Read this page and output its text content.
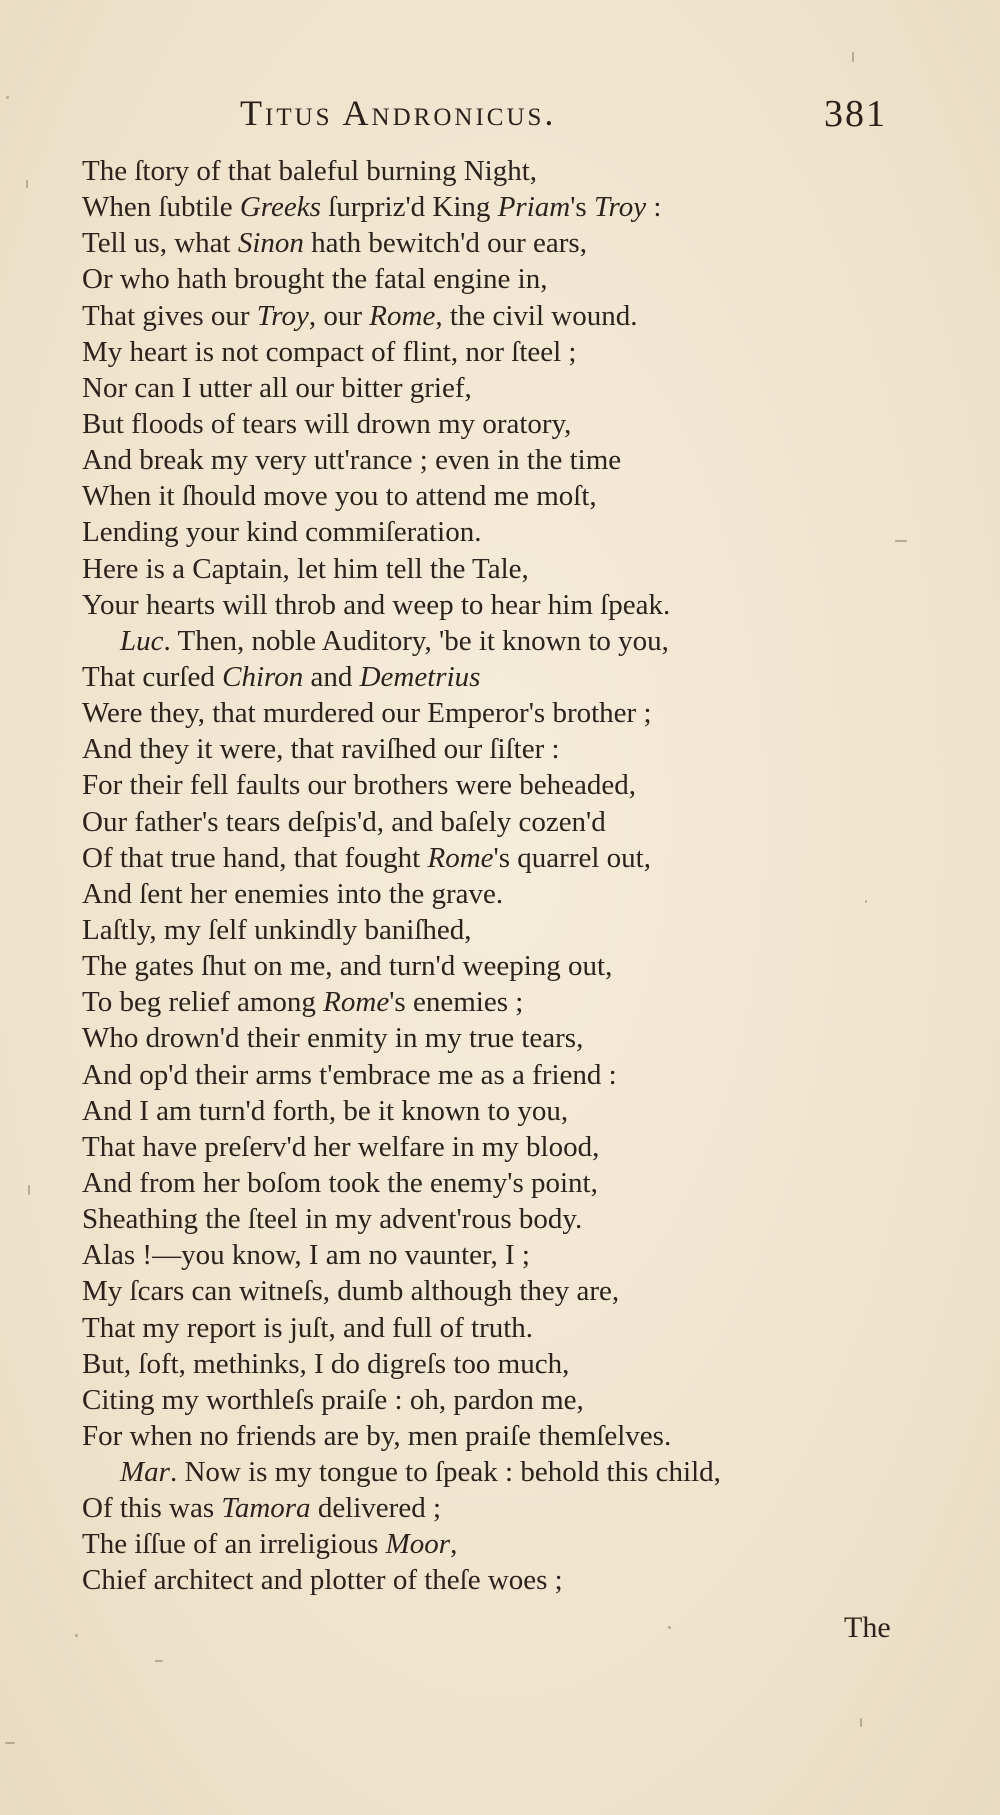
Titus Andronicus.	381
The ſtory of that baleful burning Night,
When ſubtile Greeks ſurpriz'd King Priam's Troy :
Tell us, what Sinon hath bewitch'd our ears,
Or who hath brought the fatal engine in,
That gives our Troy, our Rome, the civil wound.
My heart is not compact of flint, nor ſteel ;
Nor can I utter all our bitter grief,
But floods of tears will drown my oratory,
And break my very utt'rance ; even in the time
When it ſhould move you to attend me moſt,
Lending your kind commiſeration.
Here is a Captain, let him tell the Tale,
Your hearts will throb and weep to hear him ſpeak.
Luc. Then, noble Auditory, 'be it known to you,
That curſed Chiron and Demetrius
Were they, that murdered our Emperor's brother ;
And they it were, that raviſhed our ſiſter :
For their fell faults our brothers were beheaded,
Our father's tears deſpis'd, and baſely cozen'd
Of that true hand, that fought Rome's quarrel out,
And ſent her enemies into the grave.
Laſtly, my ſelf unkindly baniſhed,
The gates ſhut on me, and turn'd weeping out,
To beg relief among Rome's enemies ;
Who drown'd their enmity in my true tears,
And op'd their arms t'embrace me as a friend :
And I am turn'd forth, be it known to you,
That have preſerv'd her welfare in my blood,
And from her boſom took the enemy's point,
Sheathing the ſteel in my advent'rous body.
Alas !—you know, I am no vaunter, I ;
My ſcars can witneſs, dumb although they are,
That my report is juſt, and full of truth.
But, ſoft, methinks, I do digreſs too much,
Citing my worthleſs praiſe : oh, pardon me,
For when no friends are by, men praiſe themſelves.
Mar. Now is my tongue to ſpeak : behold this child,
Of this was Tamora delivered ;
The iſſue of an irreligious Moor,
Chief architect and plotter of theſe woes ;
The
